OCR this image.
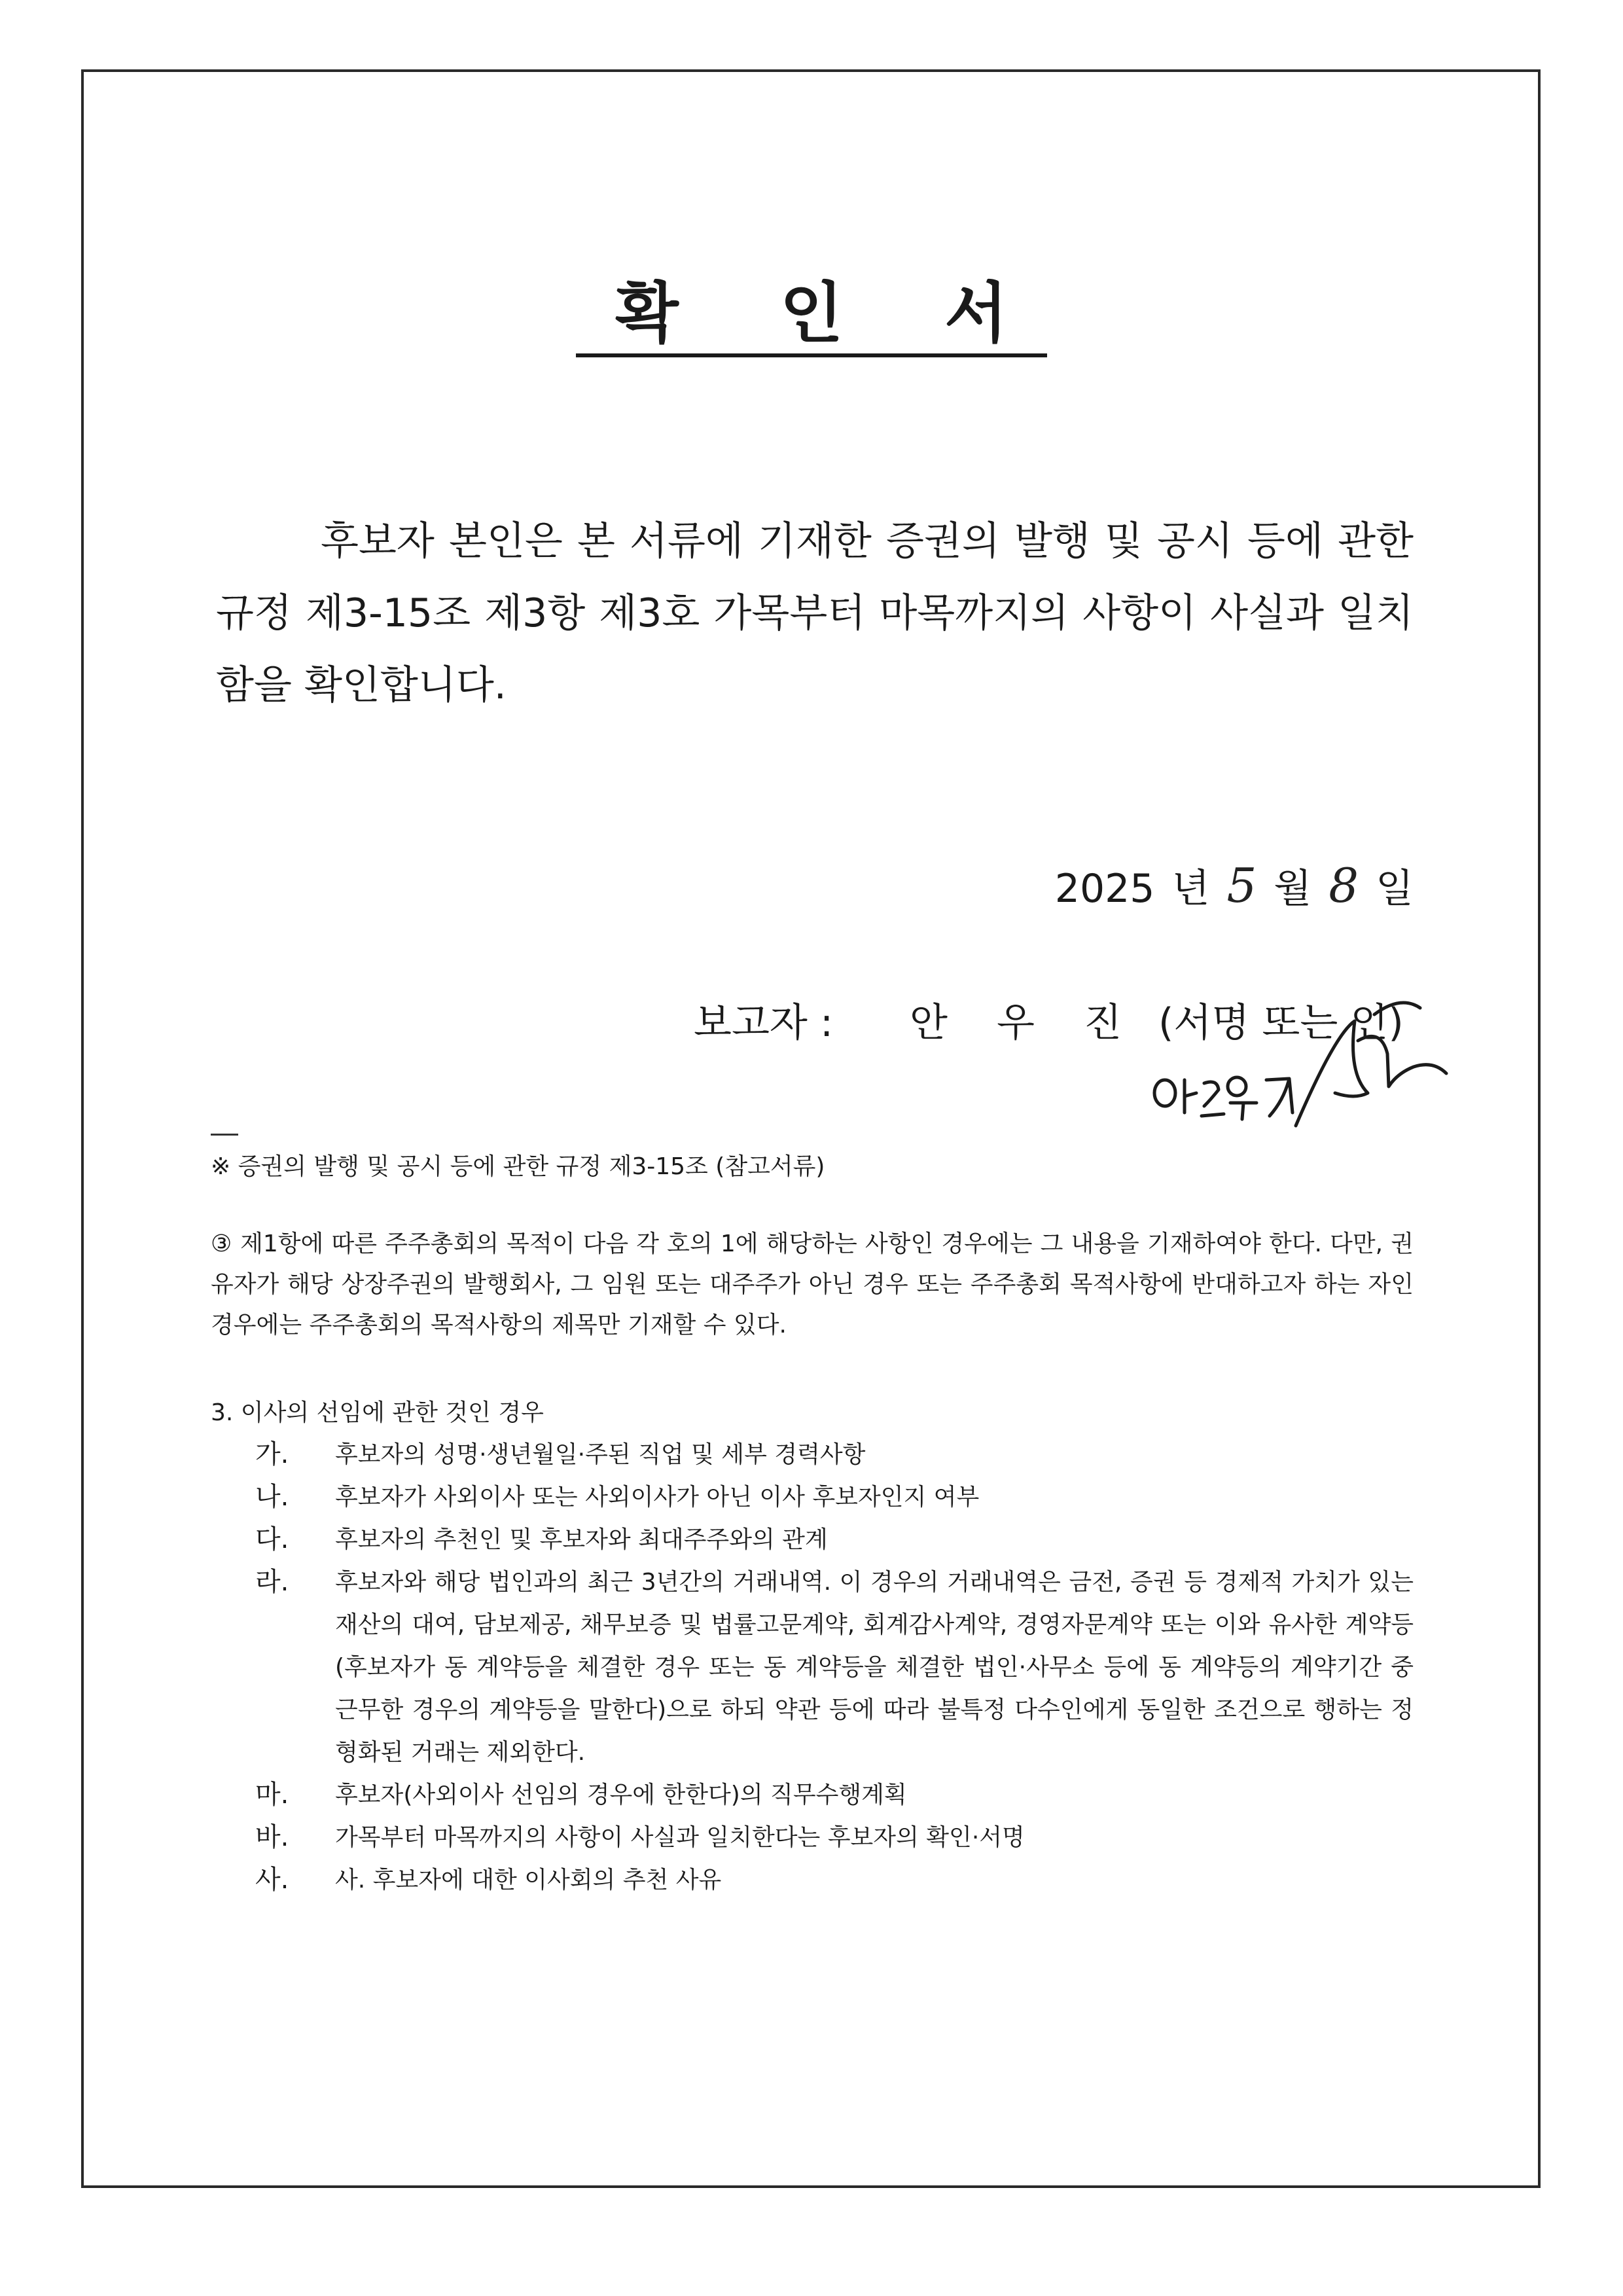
확 인 서
후보자 본인은 본 서류에 기재한 증권의 발행 및 공시 등에 관한 규정 제3-15조 제3항 제3호 가목부터 마목까지의 사항이 사실과 일치함을 확인합니다.
2025 년 5 월 8 일
보고자 :	안 우 진 (서명 또는 인)
※ 증권의 발행 및 공시 등에 관한 규정 제3-15조 (참고서류)
③ 제1항에 따른 주주총회의 목적이 다음 각 호의 1에 해당하는 사항인 경우에는 그 내용을 기재하여야 한다. 다만, 권유자가 해당 상장주권의 발행회사, 그 임원 또는 대주주가 아닌 경우 또는 주주총회 목적사항에 반대하고자 하는 자인 경우에는 주주총회의 목적사항의 제목만 기재할 수 있다.
3. 이사의 선임에 관한 것인 경우
가.	후보자의 성명·생년월일·주된 직업 및 세부 경력사항
나.	후보자가 사외이사 또는 사외이사가 아닌 이사 후보자인지 여부
다.	후보자의 추천인 및 후보자와 최대주주와의 관계
라.	후보자와 해당 법인과의 최근 3년간의 거래내역. 이 경우의 거래내역은 금전, 증권 등 경제적 가치가 있는 재산의 대여, 담보제공, 채무보증 및 법률고문계약, 회계감사계약, 경영자문계약 또는 이와 유사한 계약등(후보자가 동 계약등을 체결한 경우 또는 동 계약등을 체결한 법인·사무소 등에 동 계약등의 계약기간 중 근무한 경우의 계약등을 말한다)으로 하되 약관 등에 따라 불특정 다수인에게 동일한 조건으로 행하는 정형화된 거래는 제외한다.
마.	후보자(사외이사 선임의 경우에 한한다)의 직무수행계획
바.	가목부터 마목까지의 사항이 사실과 일치한다는 후보자의 확인·서명
사.	사. 후보자에 대한 이사회의 추천 사유
